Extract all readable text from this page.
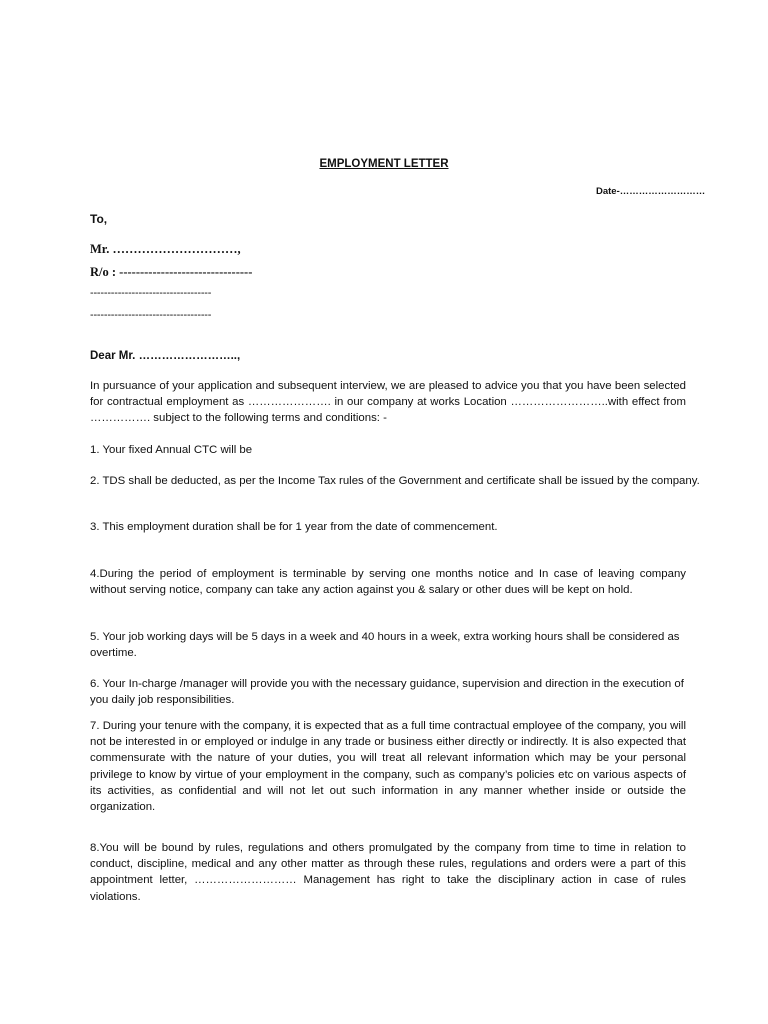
EMPLOYMENT LETTER
Date-………………………
To,
Mr. …………………………,
R/o : --------------------------------
-----------------------------------
-----------------------------------
Dear Mr. ……………………..,
In pursuance of your application and subsequent interview, we are pleased to advice you that you have been selected for contractual employment as …………………. in our company at works Location ……………………..with effect from ……………. subject to the following terms and conditions: -
1. Your fixed Annual CTC will be
2. TDS shall be deducted, as per the Income Tax rules of the Government and certificate shall be issued by the company.
3. This employment duration shall be for 1 year from the date of commencement.
4.During the period of employment is terminable by serving one months notice and In case of leaving company without serving notice, company can take any action against you & salary or other dues will be kept on hold.
5. Your job working days will be 5 days in a week and 40 hours in a week, extra working hours shall be considered as overtime.
6. Your In-charge /manager will provide you with the necessary guidance, supervision and direction in the execution of you daily job responsibilities.
7. During your tenure with the company, it is expected that as a full time contractual employee of the company, you will not be interested in or employed or indulge in any trade or business either directly or indirectly. It is also expected that commensurate with the nature of your duties, you will treat all relevant information which may be your personal privilege to know by virtue of your employment in the company, such as company’s policies etc on various aspects of its activities, as confidential and will not let out such information in any manner whether inside or outside the organization.
8.You will be bound by rules, regulations and others promulgated by the company from time to time in relation to conduct, discipline, medical and any other matter as through these rules, regulations and orders were a part of this appointment letter, ……………………… Management has right to take the disciplinary action in case of rules violations.
